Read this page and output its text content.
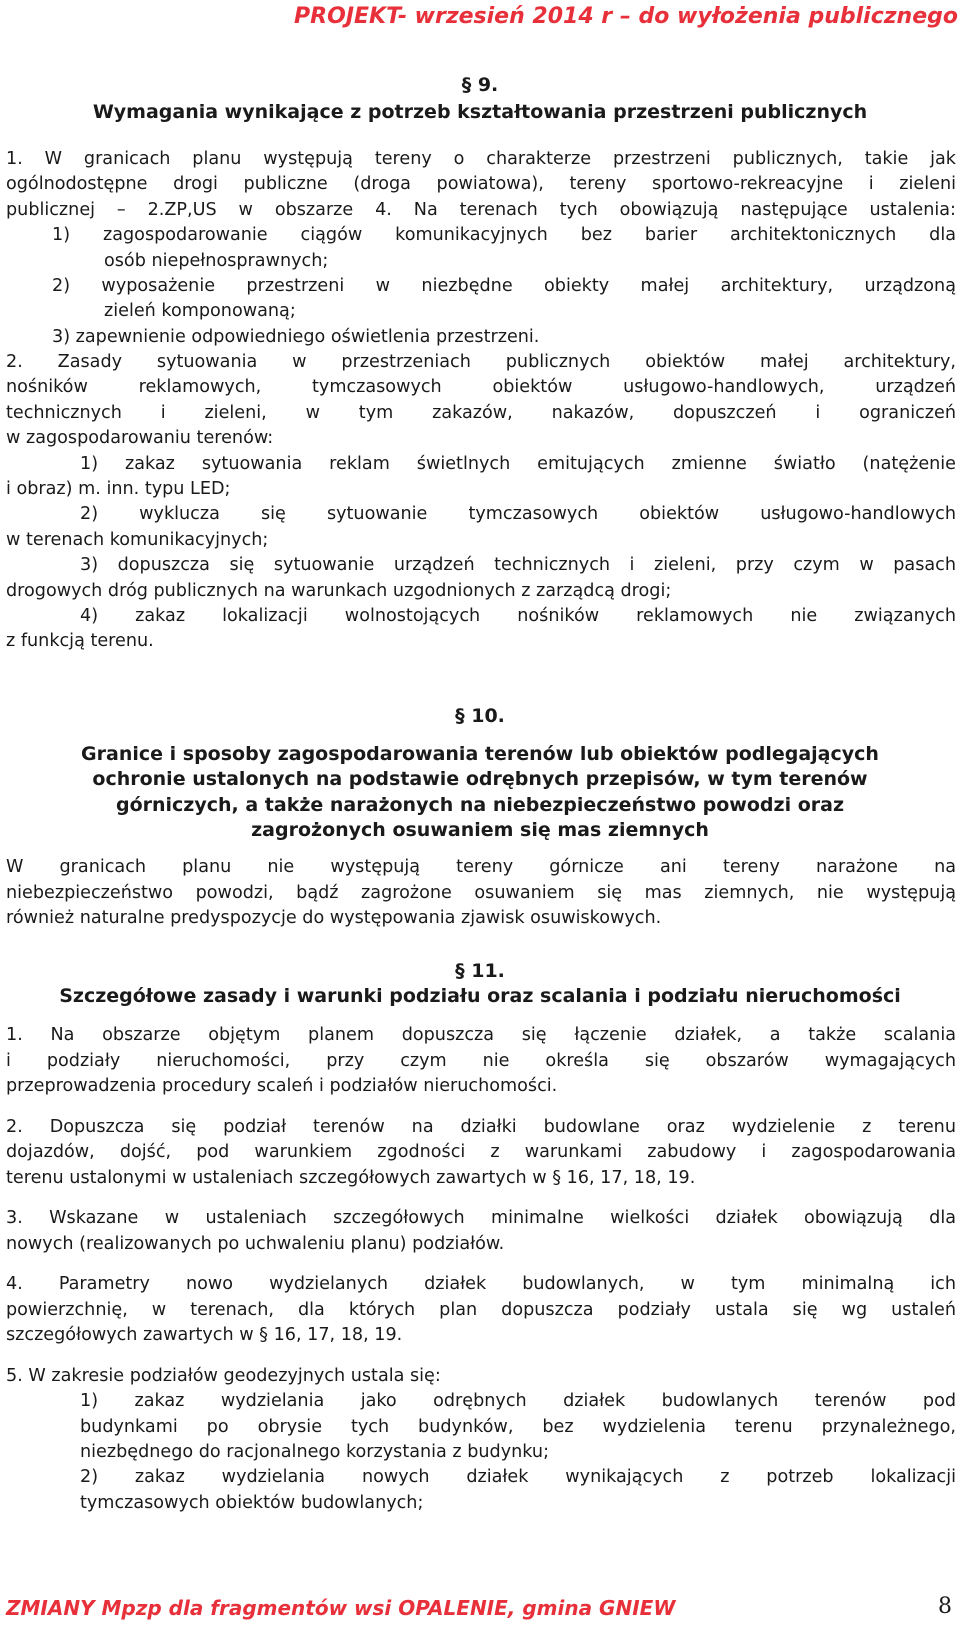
PROJEKT- wrzesień 2014 r – do wyłożenia publicznego
§ 9.
Wymagania wynikające z potrzeb kształtowania przestrzeni publicznych
1. W granicach planu występują tereny o charakterze przestrzeni publicznych, takie jak
ogólnodostępne drogi publiczne (droga powiatowa), tereny sportowo-rekreacyjne i zieleni
publicznej – 2.ZP,US w obszarze 4. Na terenach tych obowiązują następujące ustalenia:
1) zagospodarowanie ciągów komunikacyjnych bez barier architektonicznych dla
osób niepełnosprawnych;
2) wyposażenie przestrzeni w niezbędne obiekty małej architektury, urządzoną
zieleń komponowaną;
3) zapewnienie odpowiedniego oświetlenia przestrzeni.
2. Zasady sytuowania w przestrzeniach publicznych obiektów małej architektury,
nośników reklamowych, tymczasowych obiektów usługowo-handlowych, urządzeń
technicznych i zieleni, w tym zakazów, nakazów, dopuszczeń i ograniczeń
w zagospodarowaniu terenów:
1) zakaz sytuowania reklam świetlnych emitujących zmienne światło (natężenie
i obraz) m. inn. typu LED;
2) wyklucza się sytuowanie tymczasowych obiektów usługowo-handlowych
w terenach komunikacyjnych;
3) dopuszcza się sytuowanie urządzeń technicznych i zieleni, przy czym w pasach
drogowych dróg publicznych na warunkach uzgodnionych z zarządcą drogi;
4) zakaz lokalizacji wolnostojących nośników reklamowych nie związanych
z funkcją terenu.
§ 10.
Granice i sposoby zagospodarowania terenów lub obiektów podlegających
ochronie ustalonych na podstawie odrębnych przepisów, w tym terenów
górniczych, a także narażonych na niebezpieczeństwo powodzi oraz
zagrożonych osuwaniem się mas ziemnych
W granicach planu nie występują tereny górnicze ani tereny narażone na
niebezpieczeństwo powodzi, bądź zagrożone osuwaniem się mas ziemnych, nie występują
również naturalne predyspozycje do występowania zjawisk osuwiskowych.
§ 11.
Szczegółowe zasady i warunki podziału oraz scalania i podziału nieruchomości
1. Na obszarze objętym planem dopuszcza się łączenie działek, a także scalania
i podziały nieruchomości, przy czym nie określa się obszarów wymagających
przeprowadzenia procedury scaleń i podziałów nieruchomości.
2. Dopuszcza się podział terenów na działki budowlane oraz wydzielenie z terenu
dojazdów, dojść, pod warunkiem zgodności z warunkami zabudowy i zagospodarowania
terenu ustalonymi w ustaleniach szczegółowych zawartych w § 16, 17, 18, 19.
3. Wskazane w ustaleniach szczegółowych minimalne wielkości działek obowiązują dla
nowych (realizowanych po uchwaleniu planu) podziałów.
4. Parametry nowo wydzielanych działek budowlanych, w tym minimalną ich
powierzchnię, w terenach, dla których plan dopuszcza podziały ustala się wg ustaleń
szczegółowych zawartych w § 16, 17, 18, 19.
5. W zakresie podziałów geodezyjnych ustala się:
1) zakaz wydzielania jako odrębnych działek budowlanych terenów pod
budynkami po obrysie tych budynków, bez wydzielenia terenu przynależnego,
niezbędnego do racjonalnego korzystania z budynku;
2) zakaz wydzielania nowych działek wynikających z potrzeb lokalizacji
tymczasowych obiektów budowlanych;
ZMIANY Mpzp dla fragmentów wsi OPALENIE, gmina GNIEW	8
